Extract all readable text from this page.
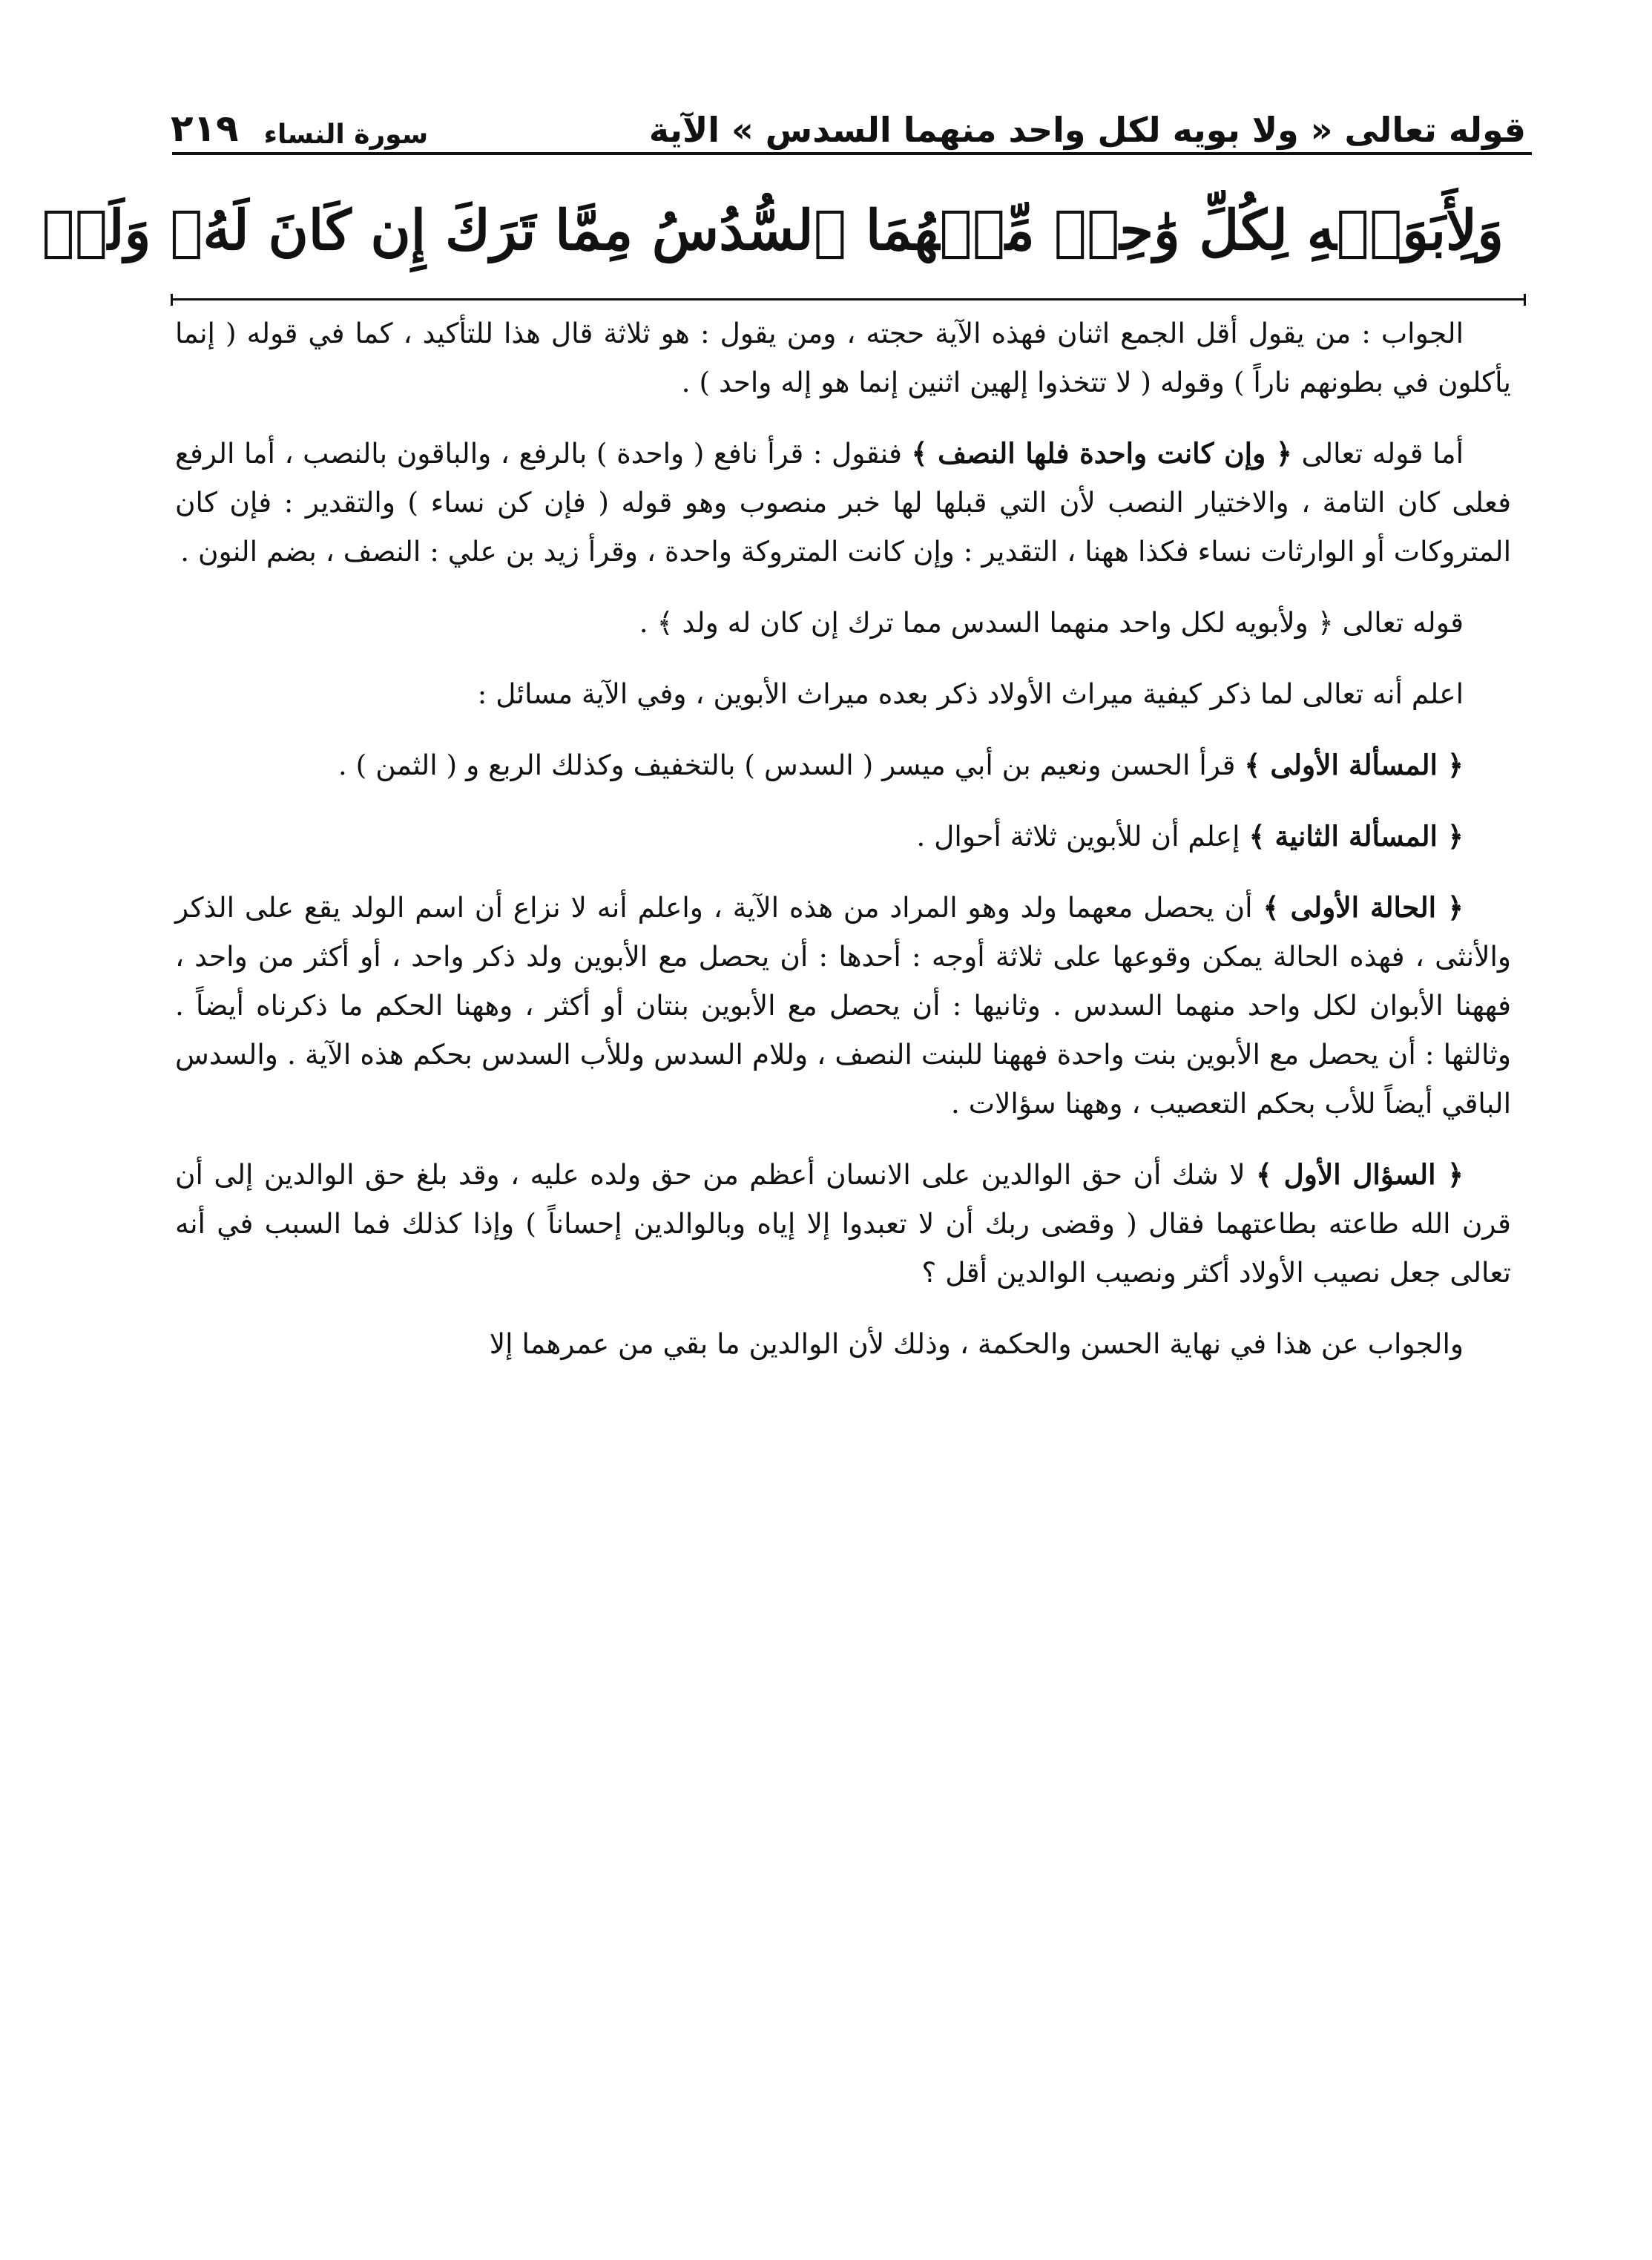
قوله تعالى « ولا بويه لكل واحد منهما السدس » الآية
سورة النساء
٢١٩
وَلِأَبَوَيۡهِ لِكُلِّ وَٰحِدٖ مِّنۡهُمَا ٱلسُّدُسُ مِمَّا تَرَكَ إِن كَانَ لَهُۥ وَلَدٞ

الجواب : من يقول أقل الجمع اثنان فهذه الآية حجته ، ومن يقول : هو ثلاثة قال هذا للتأكيد ، كما في قوله ( إنما يأكلون في بطونهم ناراً ) وقوله ( لا تتخذوا إلهين اثنين إنما هو إله واحد ) .

أما قوله تعالى ﴿ وإن كانت واحدة فلها النصف ﴾ فنقول : قرأ نافع ( واحدة ) بالرفع ، والباقون بالنصب ، أما الرفع فعلى كان التامة ، والاختيار النصب لأن التي قبلها لها خبر منصوب وهو قوله ( فإن كن نساء ) والتقدير : فإن كان المتروكات أو الوارثات نساء فكذا ههنا ، التقدير : وإن كانت المتروكة واحدة ، وقرأ زيد بن علي : النصف ، بضم النون .

قوله تعالى ﴿ ولأبويه لكل واحد منهما السدس مما ترك إن كان له ولد ﴾ .

اعلم أنه تعالى لما ذكر كيفية ميراث الأولاد ذكر بعده ميراث الأبوين ، وفي الآية مسائل :

﴿ المسألة الأولى ﴾ قرأ الحسن ونعيم بن أبي ميسر ( السدس ) بالتخفيف وكذلك الربع و ( الثمن ) .

﴿ المسألة الثانية ﴾ إعلم أن للأبوين ثلاثة أحوال .

﴿ الحالة الأولى ﴾ أن يحصل معهما ولد وهو المراد من هذه الآية ، واعلم أنه لا نزاع أن اسم الولد يقع على الذكر والأنثى ، فهذه الحالة يمكن وقوعها على ثلاثة أوجه : أحدها : أن يحصل مع الأبوين ولد ذكر واحد ، أو أكثر من واحد ، فههنا الأبوان لكل واحد منهما السدس . وثانيها : أن يحصل مع الأبوين بنتان أو أكثر ، وههنا الحكم ما ذكرناه أيضاً . وثالثها : أن يحصل مع الأبوين بنت واحدة فههنا للبنت النصف ، وللام السدس وللأب السدس بحكم هذه الآية . والسدس الباقي أيضاً للأب بحكم التعصيب ، وههنا سؤالات .

﴿ السؤال الأول ﴾ لا شك أن حق الوالدين على الانسان أعظم من حق ولده عليه ، وقد بلغ حق الوالدين إلى أن قرن الله طاعته بطاعتهما فقال ( وقضى ربك أن لا تعبدوا إلا إياه وبالوالدين إحساناً ) وإذا كذلك فما السبب في أنه تعالى جعل نصيب الأولاد أكثر ونصيب الوالدين أقل ؟

والجواب عن هذا في نهاية الحسن والحكمة ، وذلك لأن الوالدين ما بقي من عمرهما إلا
